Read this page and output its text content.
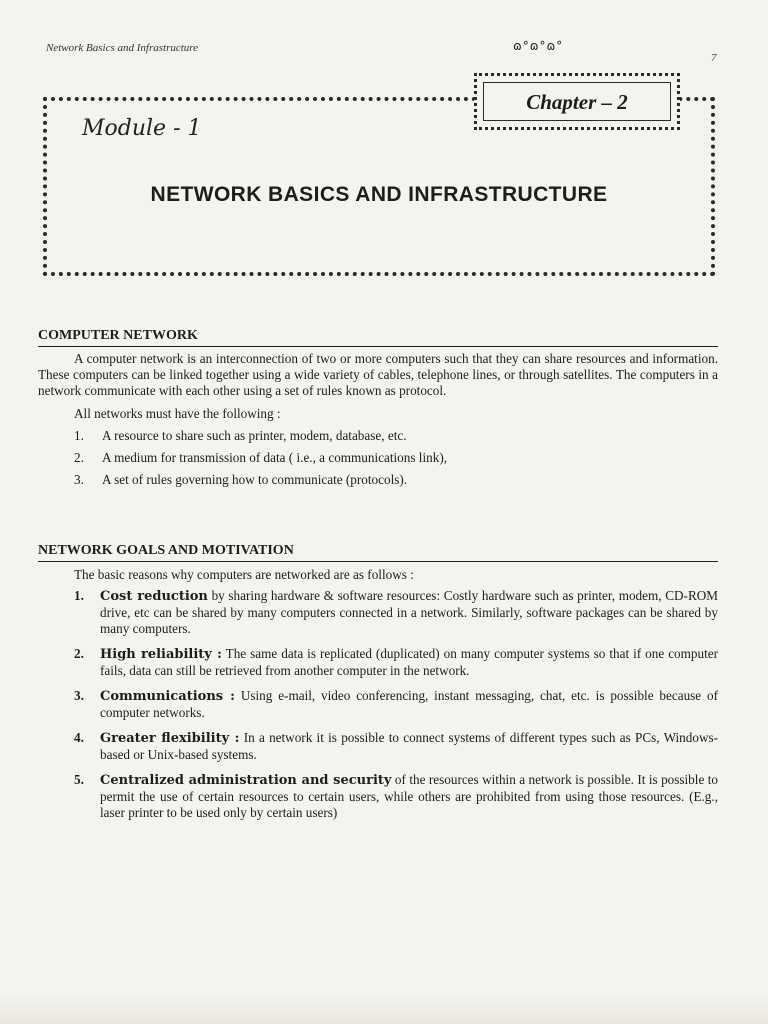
Network Basics and Infrastructure	ɷ°ɷ°ɷ°
7
Chapter – 2
Module - 1
NETWORK BASICS AND INFRASTRUCTURE
COMPUTER NETWORK

A computer network is an interconnection of two or more computers such that they can share resources and information. These computers can be linked together using a wide variety of cables, telephone lines, or through satellites. The computers in a network communicate with each other using a set of rules known as protocol.

All networks must have the following :
1. A resource to share such as printer, modem, database, etc.
2. A medium for transmission of data ( i.e., a communications link),
3. A set of rules governing how to communicate (protocols).
NETWORK GOALS AND MOTIVATION
The basic reasons why computers are networked are as follows :
1. Cost reduction by sharing hardware & software resources: Costly hardware such as printer, modem, CD-ROM drive, etc can be shared by many computers connected in a network. Similarly, software packages can be shared by many computers.
2. High reliability : The same data is replicated (duplicated) on many computer systems so that if one computer fails, data can still be retrieved from another computer in the network.
3. Communications : Using e-mail, video conferencing, instant messaging, chat, etc. is possible because of computer networks.
4. Greater flexibility : In a network it is possible to connect systems of different types such as PCs, Windows-based or Unix-based systems.
5. Centralized administration and security of the resources within a network is possible. It is possible to permit the use of certain resources to certain users, while others are prohibited from using those resources. (E.g., laser printer to be used only by certain users)
